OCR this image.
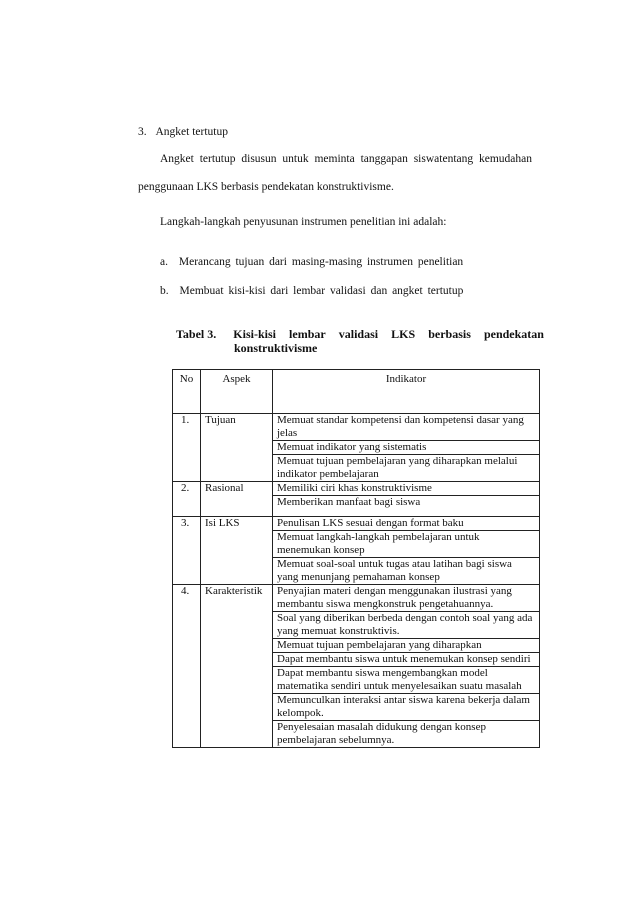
3. Angket tertutup
Angket tertutup disusun untuk meminta tanggapan siswatentang kemudahan
penggunaan LKS berbasis pendekatan konstruktivisme.
Langkah-langkah penyusunan instrumen penelitian ini adalah:
a. Merancang tujuan dari masing-masing instrumen penelitian
b. Membuat kisi-kisi dari lembar validasi dan angket tertutup
Tabel 3. Kisi-kisi lembar validasi LKS berbasis pendekatan
konstruktivisme
No	Aspek	Indikator
1.	Tujuan	Memuat standar kompetensi dan kompetensi dasar yang jelas
		Memuat indikator yang sistematis
		Memuat tujuan pembelajaran yang diharapkan melalui indikator pembelajaran
2.	Rasional	Memiliki ciri khas konstruktivisme
		Memberikan manfaat bagi siswa
3.	Isi LKS	Penulisan LKS sesuai dengan format baku
		Memuat langkah-langkah pembelajaran untuk menemukan konsep
		Memuat soal-soal untuk tugas atau latihan bagi siswa yang menunjang pemahaman konsep
4.	Karakteristik	Penyajian materi dengan menggunakan ilustrasi yang membantu siswa mengkonstruk pengetahuannya.
		Soal yang diberikan berbeda dengan contoh soal yang ada yang memuat konstruktivis.
		Memuat tujuan pembelajaran yang diharapkan
		Dapat membantu siswa untuk menemukan konsep sendiri
		Dapat membantu siswa mengembangkan model matematika sendiri untuk menyelesaikan suatu masalah
		Memunculkan interaksi antar siswa karena bekerja dalam kelompok.
		Penyelesaian masalah didukung dengan konsep pembelajaran sebelumnya.
